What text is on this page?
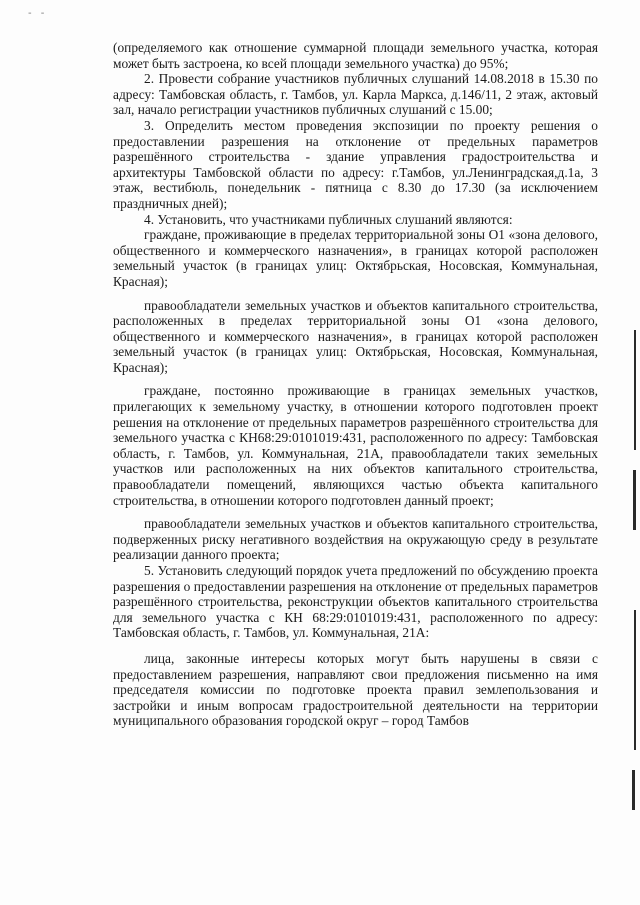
- -

(определяемого как отношение суммарной площади земельного участка, которая может быть застроена, ко всей площади земельного участка) до 95%;

2. Провести собрание участников публичных слушаний 14.08.2018 в 15.30 по адресу: Тамбовская область, г. Тамбов, ул. Карла Маркса, д.146/11, 2 этаж, актовый зал, начало регистрации участников публичных слушаний с 15.00;

3. Определить местом проведения экспозиции по проекту решения о предоставлении разрешения на отклонение от предельных параметров разрешённого строительства - здание управления градостроительства и архитектуры Тамбовской области по адресу: г.Тамбов, ул.Ленинградская,д.1а, 3 этаж, вестибюль, понедельник - пятница с 8.30 до 17.30 (за исключением праздничных дней);

4. Установить, что участниками публичных слушаний являются:

граждане, проживающие в пределах территориальной зоны О1 «зона делового, общественного и коммерческого назначения», в границах которой расположен земельный участок (в границах улиц: Октябрьская, Носовская, Коммунальная, Красная);

правообладатели земельных участков и объектов капитального строительства, расположенных в пределах территориальной зоны О1 «зона делового, общественного и коммерческого назначения», в границах которой расположен земельный участок (в границах улиц: Октябрьская, Носовская, Коммунальная, Красная);

граждане, постоянно проживающие в границах земельных участков, прилегающих к земельному участку, в отношении которого подготовлен проект решения на отклонение от предельных параметров разрешённого строительства для земельного участка с КН68:29:0101019:431, расположенного по адресу: Тамбовская область, г. Тамбов, ул. Коммунальная, 21А, правообладатели таких земельных участков или расположенных на них объектов капитального строительства, правообладатели помещений, являющихся частью объекта капитального строительства, в отношении которого подготовлен данный проект;

правообладатели земельных участков и объектов капитального строительства, подверженных риску негативного воздействия на окружающую среду в результате реализации данного проекта;

5. Установить следующий порядок учета предложений по обсуждению проекта разрешения о предоставлении разрешения на отклонение от предельных параметров разрешённого строительства, реконструкции объектов капитального строительства для земельного участка с КН 68:29:0101019:431, расположенного по адресу: Тамбовская область, г. Тамбов, ул. Коммунальная, 21А:

лица, законные интересы которых могут быть нарушены в связи с предоставлением разрешения, направляют свои предложения письменно на имя председателя комиссии по подготовке проекта правил землепользования и застройки и иным вопросам градостроительной деятельности на территории муниципального образования городской округ – город Тамбов
